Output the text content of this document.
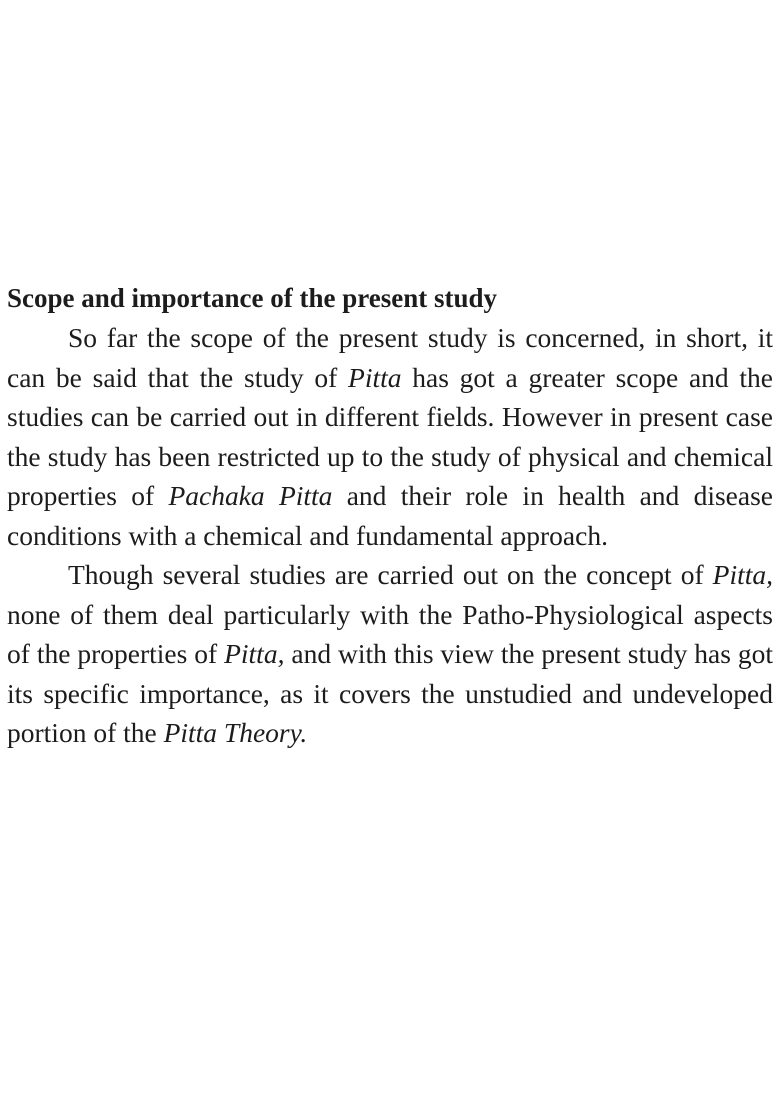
Scope and importance of the present study

So far the scope of the present study is concerned, in short, it can be said that the study of Pitta has got a greater scope and the studies can be carried out in different fields. However in present case the study has been restricted up to the study of physical and chemical properties of Pachaka Pitta and their role in health and disease conditions with a chemical and fundamental approach.

Though several studies are carried out on the concept of Pitta, none of them deal particularly with the Patho-Physiological aspects of the properties of Pitta, and with this view the present study has got its specific importance, as it covers the unstudied and undeveloped portion of the Pitta Theory.
